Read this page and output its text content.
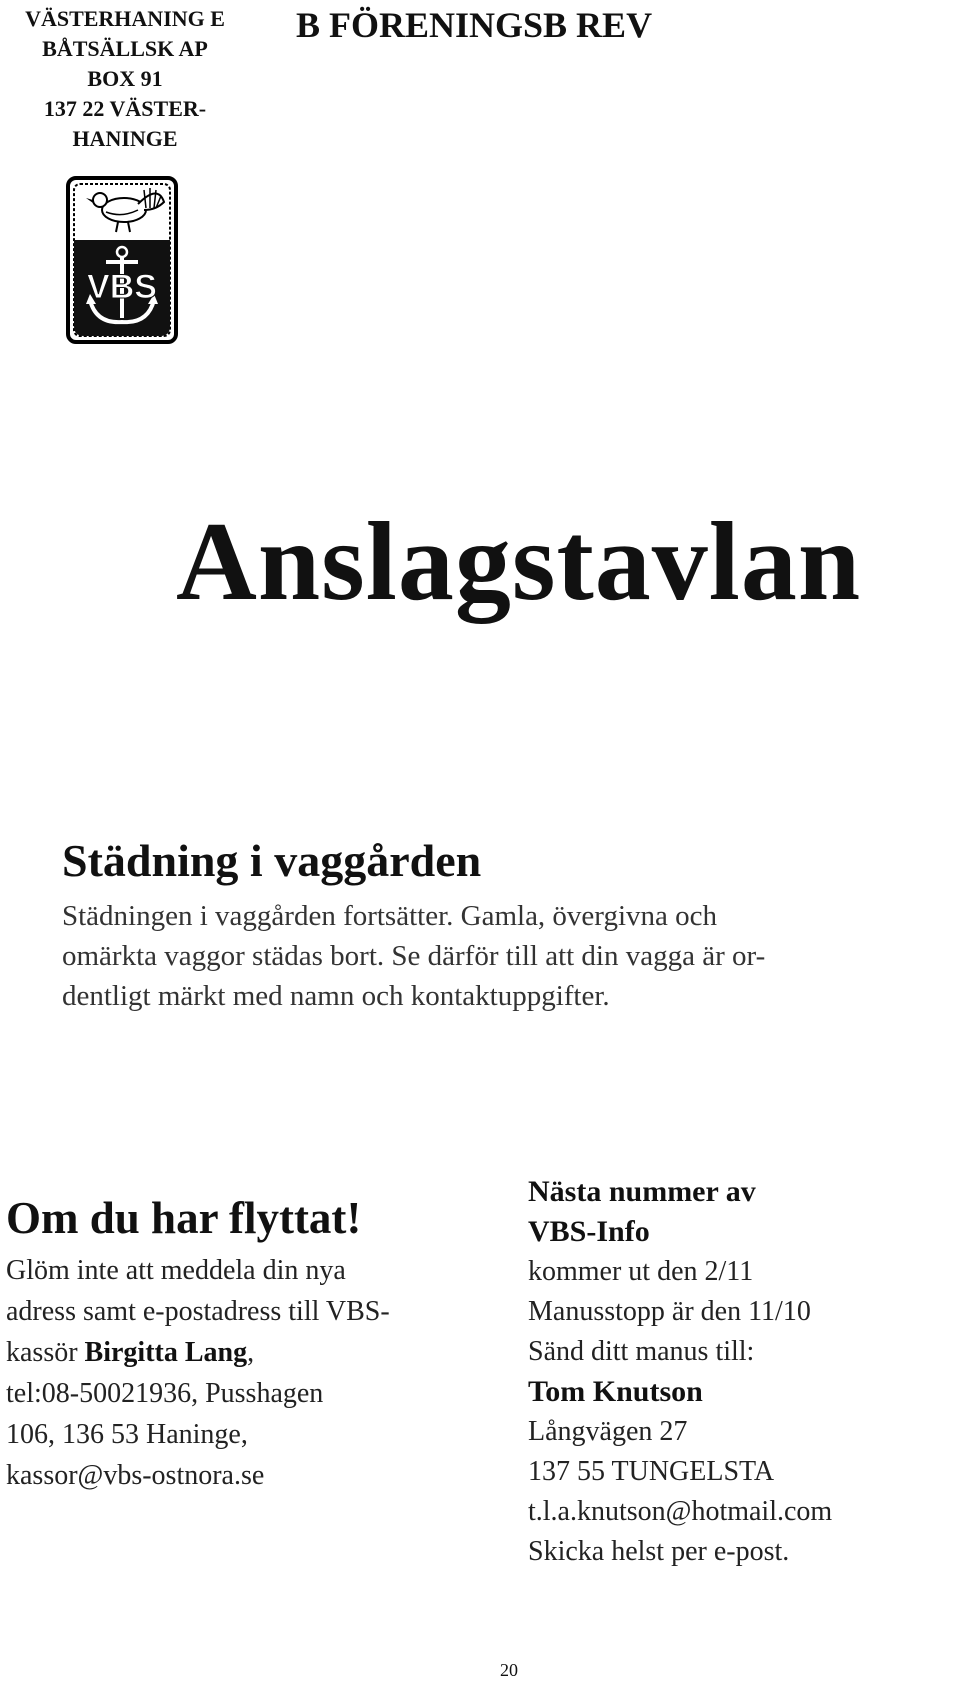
VÄSTERHANING E
BÅTSÄLLSK AP
BOX 91
137 22 VÄSTER-
HANINGE
B FÖRENINGSB REV
VBS
Anslagstavlan
Städning i vaggården
Städningen i vaggården fortsätter. Gamla, övergivna och
omärkta vaggor städas bort. Se därför till att din vagga är or-
dentligt märkt med namn och kontaktuppgifter.
Om du har flyttat!
Glöm inte att meddela din nya
adress samt e-postadress till VBS-
kassör Birgitta Lang,
tel:08-50021936, Pusshagen
106, 136 53 Haninge,
kassor@vbs-ostnora.se
Nästa nummer av
VBS-Info
kommer ut den 2/11
Manusstopp är den 11/10
Sänd ditt manus till:
Tom Knutson
Långvägen 27
137 55 TUNGELSTA
t.l.a.knutson@hotmail.com
Skicka helst per e-post.
20
